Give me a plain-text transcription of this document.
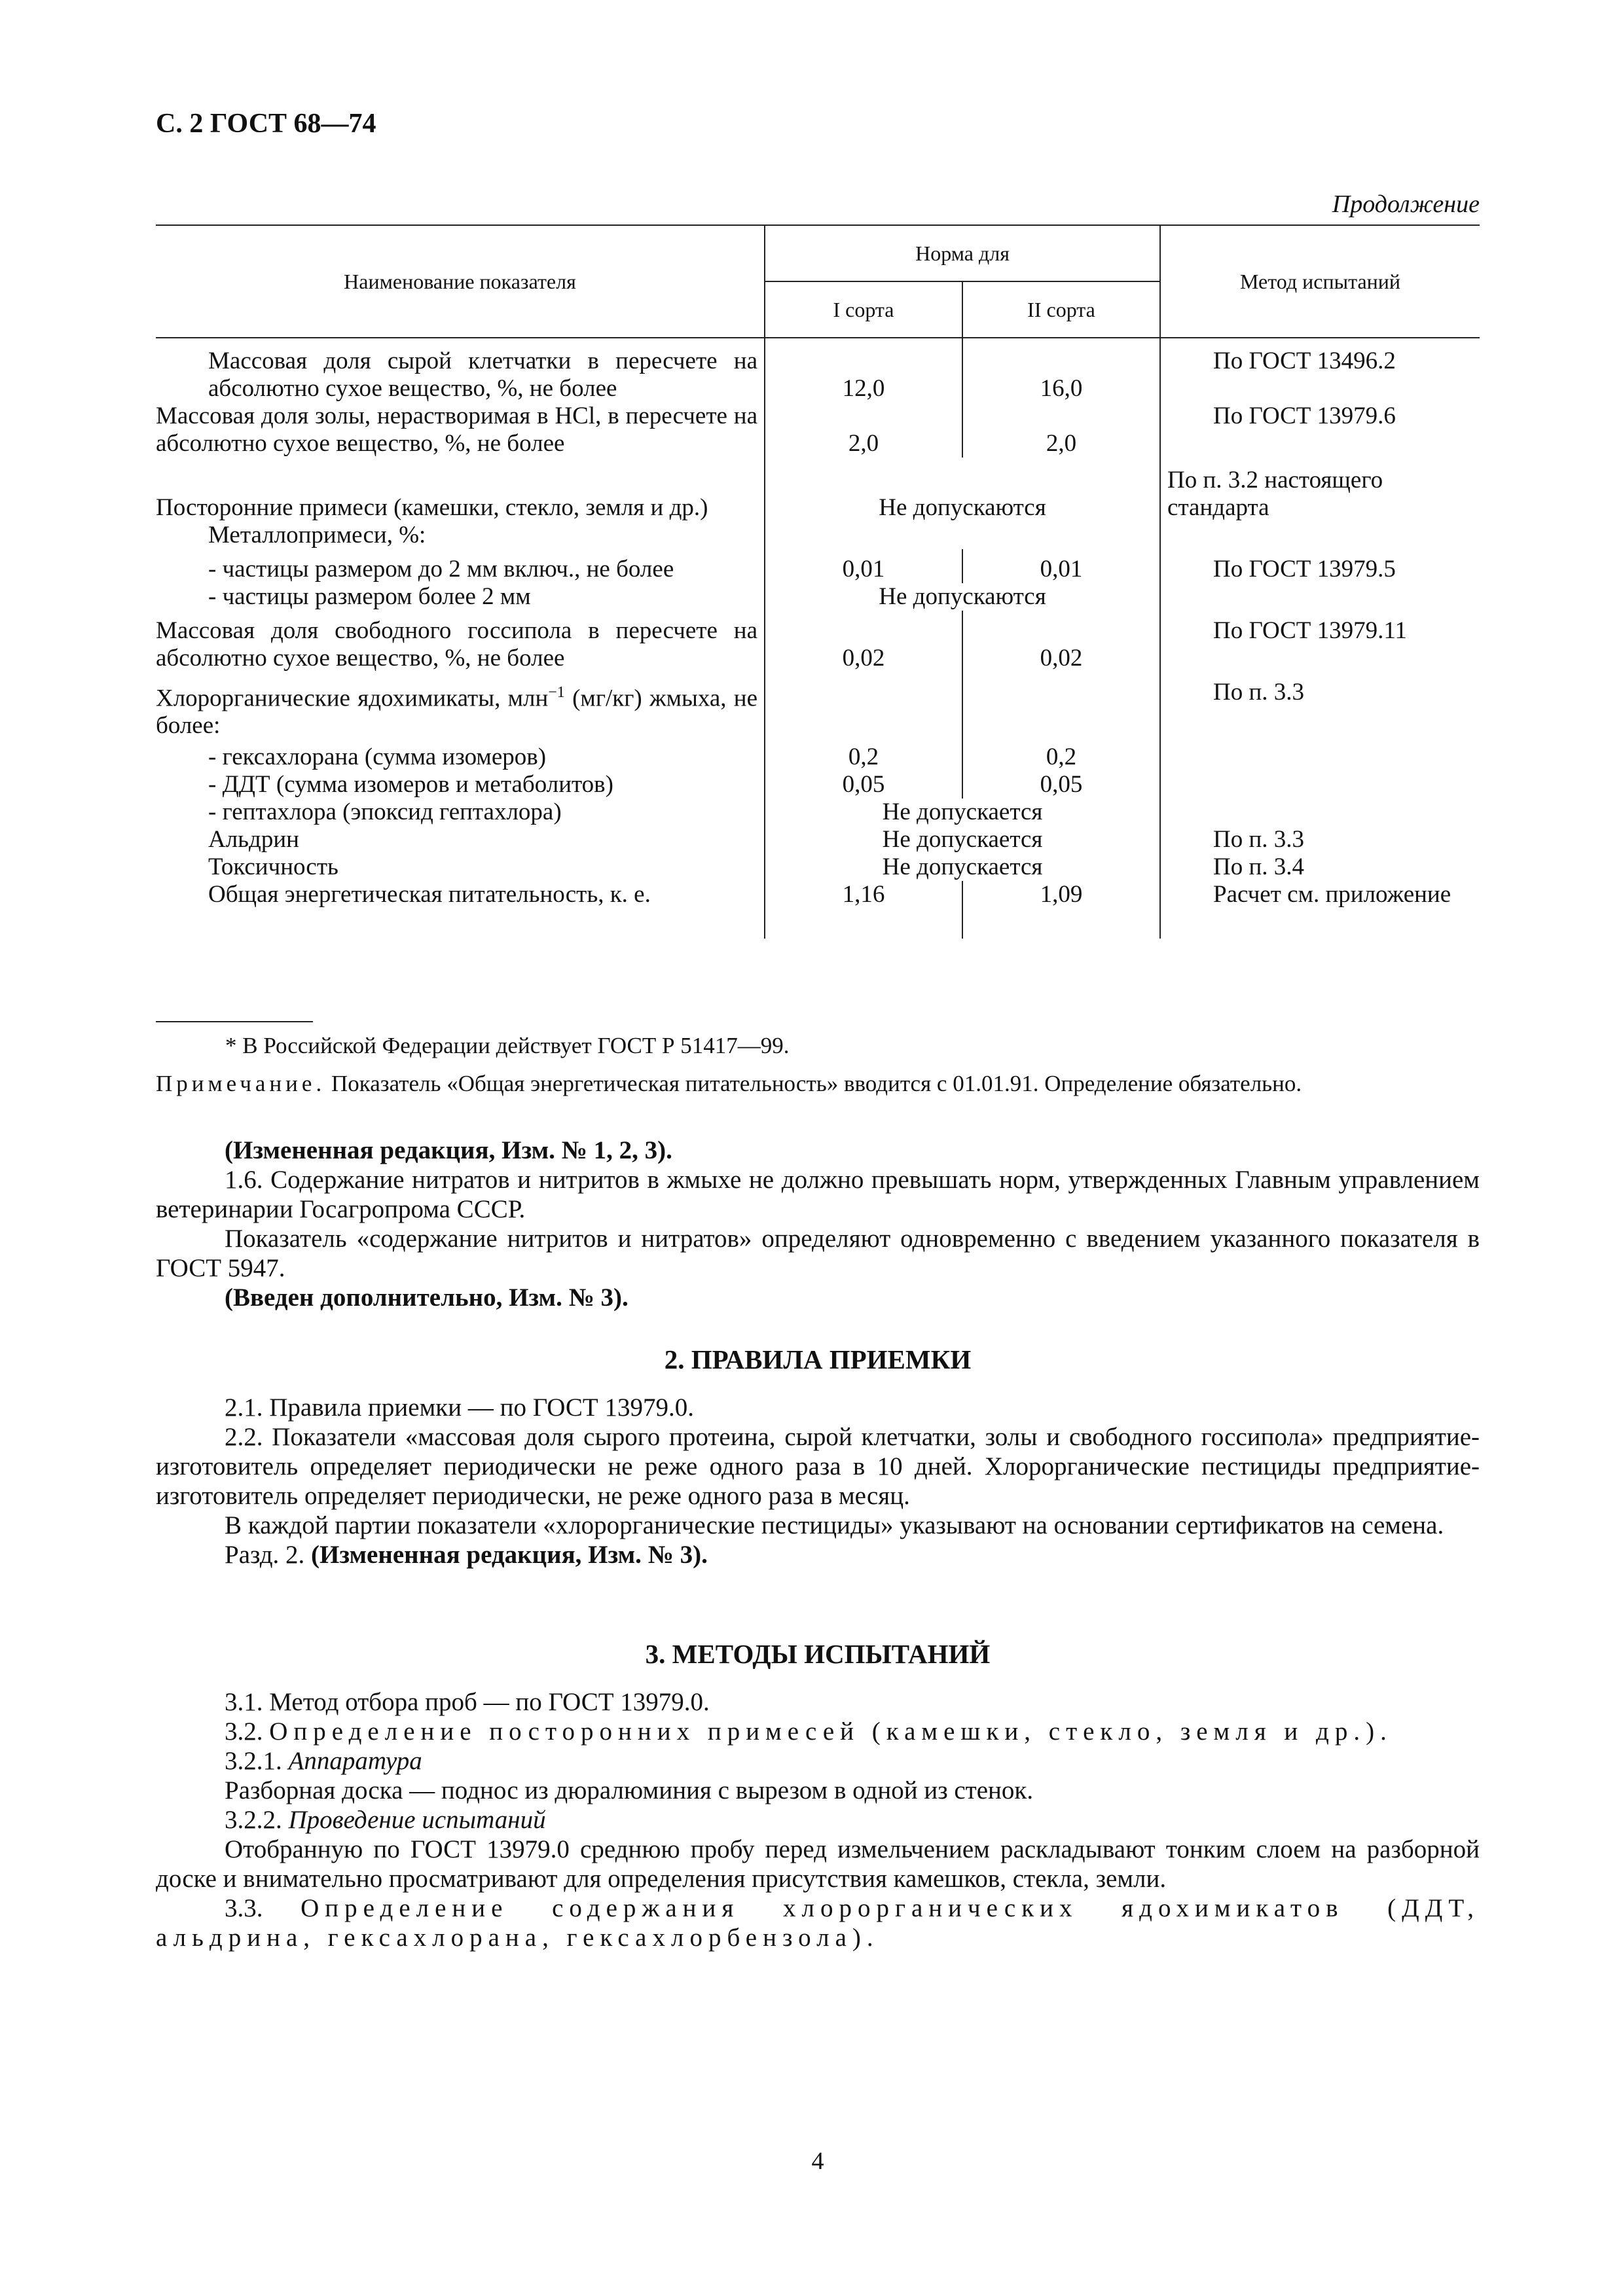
С. 2 ГОСТ 68—74
Продолжение
Наименование показателя	Норма для		Метод испытаний
	I сорта	II сорта	
Массовая доля сырой клетчатки в пересчете на абсолютно сухое вещество, %, не более	12,0	16,0	По ГОСТ 13496.2
Массовая доля золы, нерастворимая в HCl, в пересчете на абсолютно сухое вещество, %, не более	2,0	2,0	По ГОСТ 13979.6
Посторонние примеси (камешки, стекло, земля и др.)	Не допускаются		По п. 3.2 настоящего стандарта
Металлопримеси, %:			
- частицы размером до 2 мм включ., не более	0,01	0,01	По ГОСТ 13979.5
- частицы размером более 2 мм	Не допускаются		
Массовая доля свободного госсипола в пересчете на абсолютно сухое вещество, %, не более	0,02	0,02	По ГОСТ 13979.11
Хлорорганические ядохимикаты, млн$^{-1}$ (мг/кг) жмыха, не более:			По п. 3.3
- гексахлорана (сумма изомеров)	0,2	0,2	
- ДДТ (сумма изомеров и метаболитов)	0,05	0,05	
- гептахлора (эпоксид гептахлора)	Не допускается		
Альдрин	Не допускается		По п. 3.3
Токсичность	Не допускается		По п. 3.4
Общая энергетическая питательность, к. е.	1,16	1,09	Расчет см. приложение
* В Российской Федерации действует ГОСТ Р 51417—99.
Примечание. Показатель «Общая энергетическая питательность» вводится с 01.01.91. Определение обязательно.

(Измененная редакция, Изм. № 1, 2, 3).

1.6. Содержание нитратов и нитритов в жмыхе не должно превышать норм, утвержденных Главным управлением ветеринарии Госагропрома СССР.

Показатель «содержание нитритов и нитратов» определяют одновременно с введением указанного показателя в ГОСТ 5947.

(Введен дополнительно, Изм. № 3).

2. ПРАВИЛА ПРИЕМКИ

2.1. Правила приемки — по ГОСТ 13979.0.

2.2. Показатели «массовая доля сырого протеина, сырой клетчатки, золы и свободного госсипола» предприятие-изготовитель определяет периодически не реже одного раза в 10 дней. Хлорорганические пестициды предприятие-изготовитель определяет периодически, не реже одного раза в месяц.

В каждой партии показатели «хлорорганические пестициды» указывают на основании сертификатов на семена.

Разд. 2. (Измененная редакция, Изм. № 3).

3. МЕТОДЫ ИСПЫТАНИЙ

3.1. Метод отбора проб — по ГОСТ 13979.0.

3.2. Определение посторонних примесей (камешки, стекло, земля и др.).

3.2.1. Аппаратура

Разборная доска — поднос из дюралюминия с вырезом в одной из стенок.

3.2.2. Проведение испытаний

Отобранную по ГОСТ 13979.0 среднюю пробу перед измельчением раскладывают тонким слоем на разборной доске и внимательно просматривают для определения присутствия камешков, стекла, земли.

3.3. Определение содержания хлорорганических ядохимикатов (ДДТ, альдрина, гексахлорана, гексахлорбензола).

4
